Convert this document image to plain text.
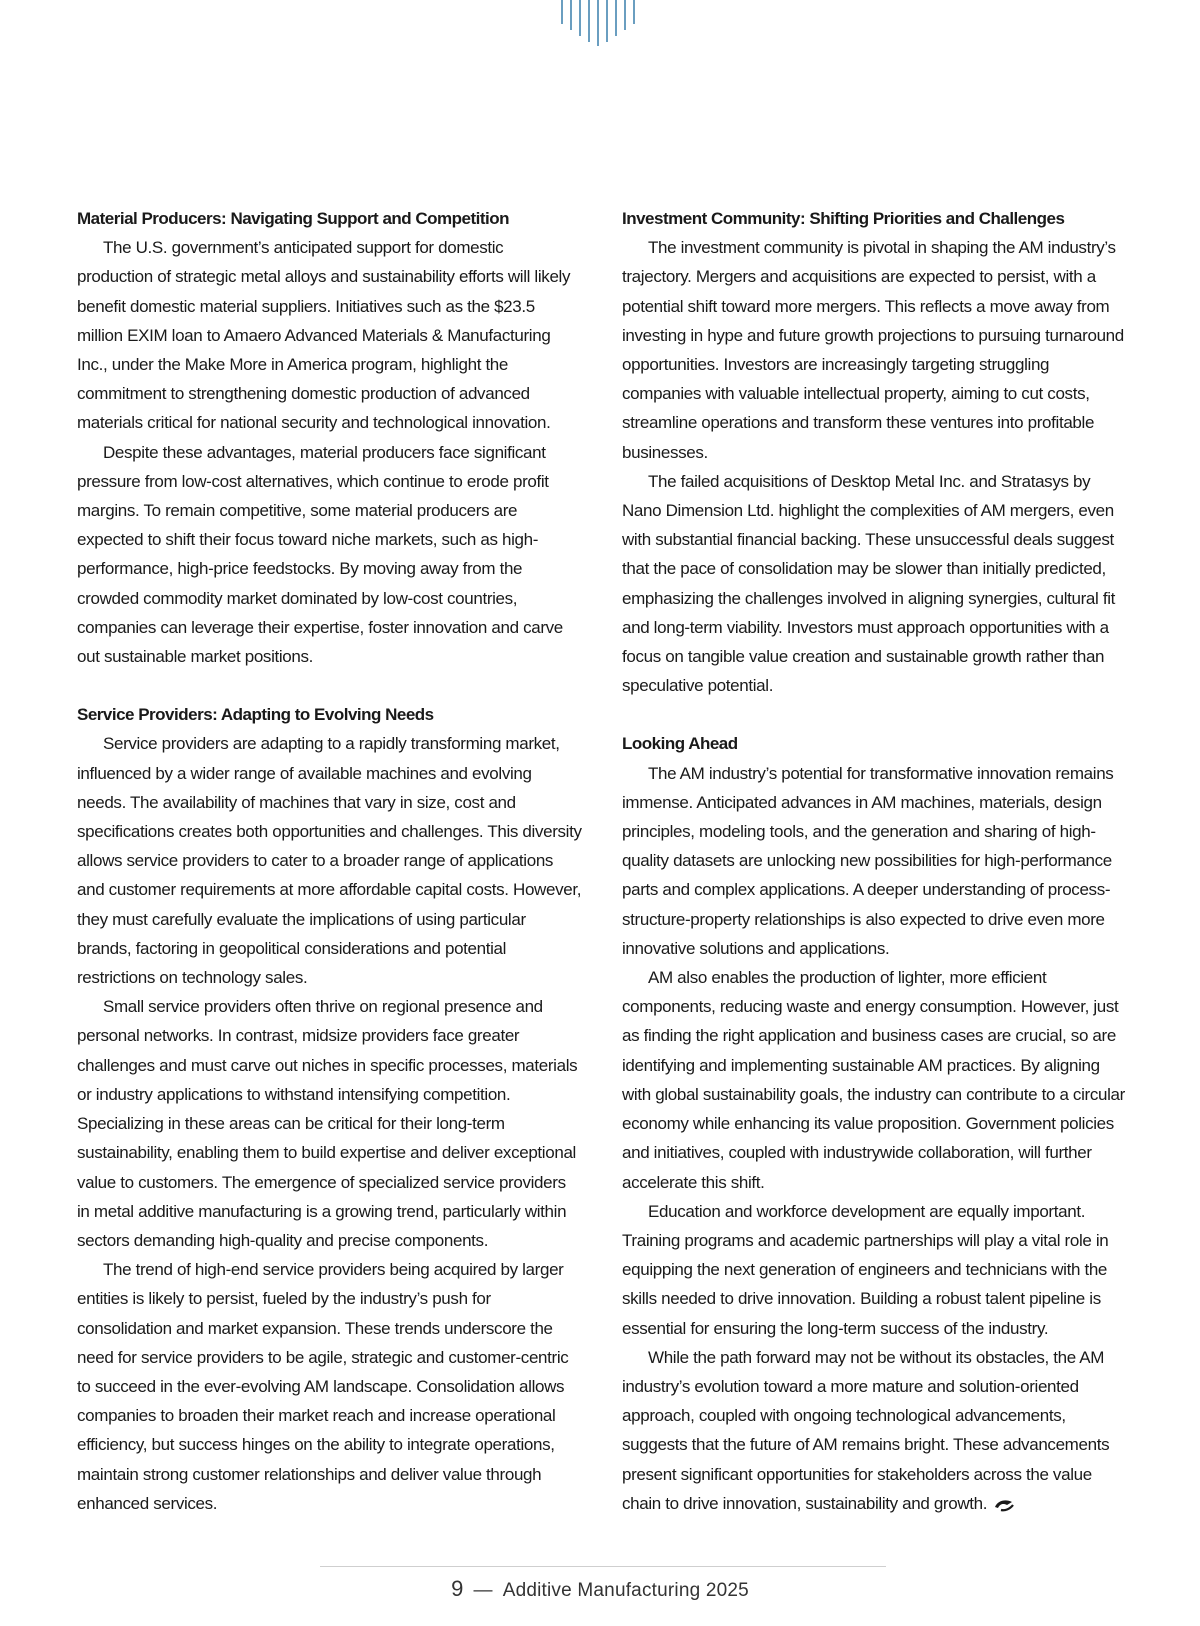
Material Producers: Navigating Support and Competition

The U.S. government’s anticipated support for domestic production of strategic metal alloys and sustainability efforts will likely benefit domestic material suppliers. Initiatives such as the $23.5 million EXIM loan to Amaero Advanced Materials & Manufacturing Inc., under the Make More in America program, highlight the commitment to strengthening domestic production of advanced materials critical for national security and technological innovation.

Despite these advantages, material producers face significant pressure from low-cost alternatives, which continue to erode profit margins. To remain competitive, some material producers are expected to shift their focus toward niche markets, such as high-performance, high-price feedstocks. By moving away from the crowded commodity market dominated by low-cost countries, companies can leverage their expertise, foster innovation and carve out sustainable market positions.

Service Providers: Adapting to Evolving Needs

Service providers are adapting to a rapidly transforming market, influenced by a wider range of available machines and evolving needs. The availability of machines that vary in size, cost and specifications creates both opportunities and challenges. This diversity allows service providers to cater to a broader range of applications and customer requirements at more affordable capital costs. However, they must carefully evaluate the implications of using particular brands, factoring in geopolitical considerations and potential restrictions on technology sales.

Small service providers often thrive on regional presence and personal networks. In contrast, midsize providers face greater challenges and must carve out niches in specific processes, materials or industry applications to withstand intensifying competition. Specializing in these areas can be critical for their long-term sustainability, enabling them to build expertise and deliver exceptional value to customers. The emergence of specialized service providers in metal additive manufacturing is a growing trend, particularly within sectors demanding high-quality and precise components.

The trend of high-end service providers being acquired by larger entities is likely to persist, fueled by the industry’s push for consolidation and market expansion. These trends underscore the need for service providers to be agile, strategic and customer-centric to succeed in the ever-evolving AM landscape. Consolidation allows companies to broaden their market reach and increase operational efficiency, but success hinges on the ability to integrate operations, maintain strong customer relationships and deliver value through enhanced services.

Investment Community: Shifting Priorities and Challenges

The investment community is pivotal in shaping the AM industry’s trajectory. Mergers and acquisitions are expected to persist, with a potential shift toward more mergers. This reflects a move away from investing in hype and future growth projections to pursuing turnaround opportunities. Investors are increasingly targeting struggling companies with valuable intellectual property, aiming to cut costs, streamline operations and transform these ventures into profitable businesses.

The failed acquisitions of Desktop Metal Inc. and Stratasys by Nano Dimension Ltd. highlight the complexities of AM mergers, even with substantial financial backing. These unsuccessful deals suggest that the pace of consolidation may be slower than initially predicted, emphasizing the challenges involved in aligning synergies, cultural fit and long-term viability. Investors must approach opportunities with a focus on tangible value creation and sustainable growth rather than speculative potential.

Looking Ahead

The AM industry’s potential for transformative innovation remains immense. Anticipated advances in AM machines, materials, design principles, modeling tools, and the generation and sharing of high-quality datasets are unlocking new possibilities for high-performance parts and complex applications. A deeper understanding of process-structure-property relationships is also expected to drive even more innovative solutions and applications.

AM also enables the production of lighter, more efficient components, reducing waste and energy consumption. However, just as finding the right application and business cases are crucial, so are identifying and implementing sustainable AM practices. By aligning with global sustainability goals, the industry can contribute to a circular economy while enhancing its value proposition. Government policies and initiatives, coupled with industrywide collaboration, will further accelerate this shift.

Education and workforce development are equally important. Training programs and academic partnerships will play a vital role in equipping the next generation of engineers and technicians with the skills needed to drive innovation. Building a robust talent pipeline is essential for ensuring the long-term success of the industry.

While the path forward may not be without its obstacles, the AM industry’s evolution toward a more mature and solution-oriented approach, coupled with ongoing technological advancements, suggests that the future of AM remains bright. These advancements present significant opportunities for stakeholders across the value chain to drive innovation, sustainability and growth.

9 — Additive Manufacturing 2025
